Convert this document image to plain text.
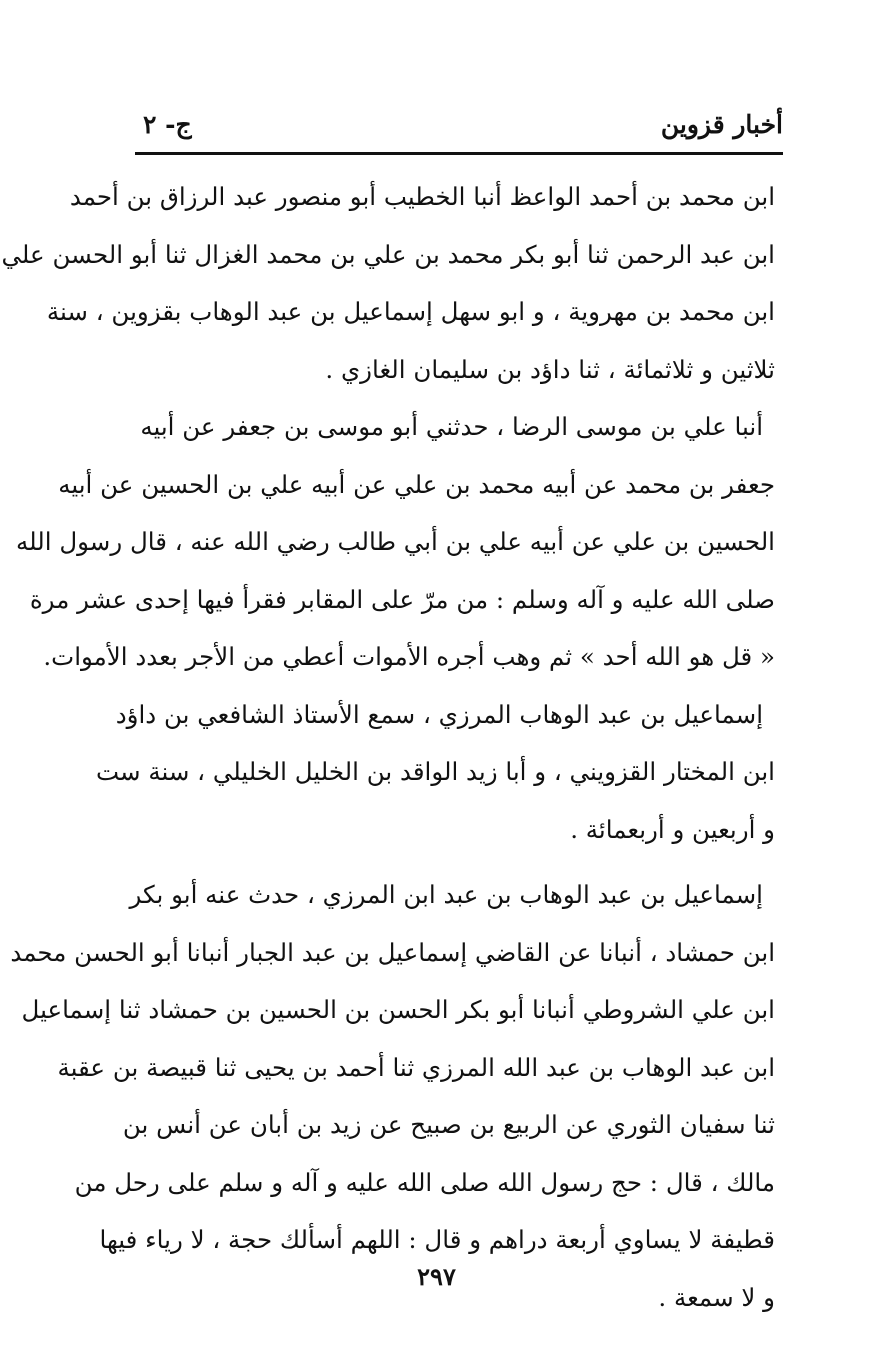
أخبار قزوين
ج- ٢
ابن محمد بن أحمد الواعظ أنبا الخطيب أبو منصور عبد الرزاق بن أحمد
ابن عبد الرحمن ثنا أبو بكر محمد بن علي بن محمد الغزال ثنا أبو الحسن علي
ابن محمد بن مهروية ، و ابو سهل إسماعيل بن عبد الوهاب بقزوين ، سنة
ثلاثين و ثلاثمائة ، ثنا داؤد بن سليمان الغازي .
أنبا علي بن موسى الرضا ، حدثني أبو موسى بن جعفر عن أبيه
جعفر بن محمد عن أبيه محمد بن علي عن أبيه علي بن الحسين عن أبيه
الحسين بن علي عن أبيه علي بن أبي طالب رضي الله عنه ، قال رسول الله
صلى الله عليه و آله وسلم : من مرّ على المقابر فقرأ فيها إحدى عشر مرة
« قل هو الله أحد » ثم وهب أجره الأموات أعطي من الأجر بعدد الأموات.
إسماعيل بن عبد الوهاب المرزي ، سمع الأستاذ الشافعي بن داؤد
ابن المختار القزويني ، و أبا زيد الواقد بن الخليل الخليلي ، سنة ست
و أربعين و أربعمائة .
إسماعيل بن عبد الوهاب بن عبد ابن المرزي ، حدث عنه أبو بكر
ابن حمشاد ، أنبانا عن القاضي إسماعيل بن عبد الجبار أنبانا أبو الحسن محمد
ابن علي الشروطي أنبانا أبو بكر الحسن بن الحسين بن حمشاد ثنا إسماعيل
ابن عبد الوهاب بن عبد الله المرزي ثنا أحمد بن يحيى ثنا قبيصة بن عقبة
ثنا سفيان الثوري عن الربيع بن صبيح عن زيد بن أبان عن أنس بن
مالك ، قال : حج رسول الله صلى الله عليه و آله و سلم على رحل من
قطيفة لا يساوي أربعة دراهم و قال : اللهم أسألك حجة ، لا رياء فيها
و لا سمعة .
٢٩٧
